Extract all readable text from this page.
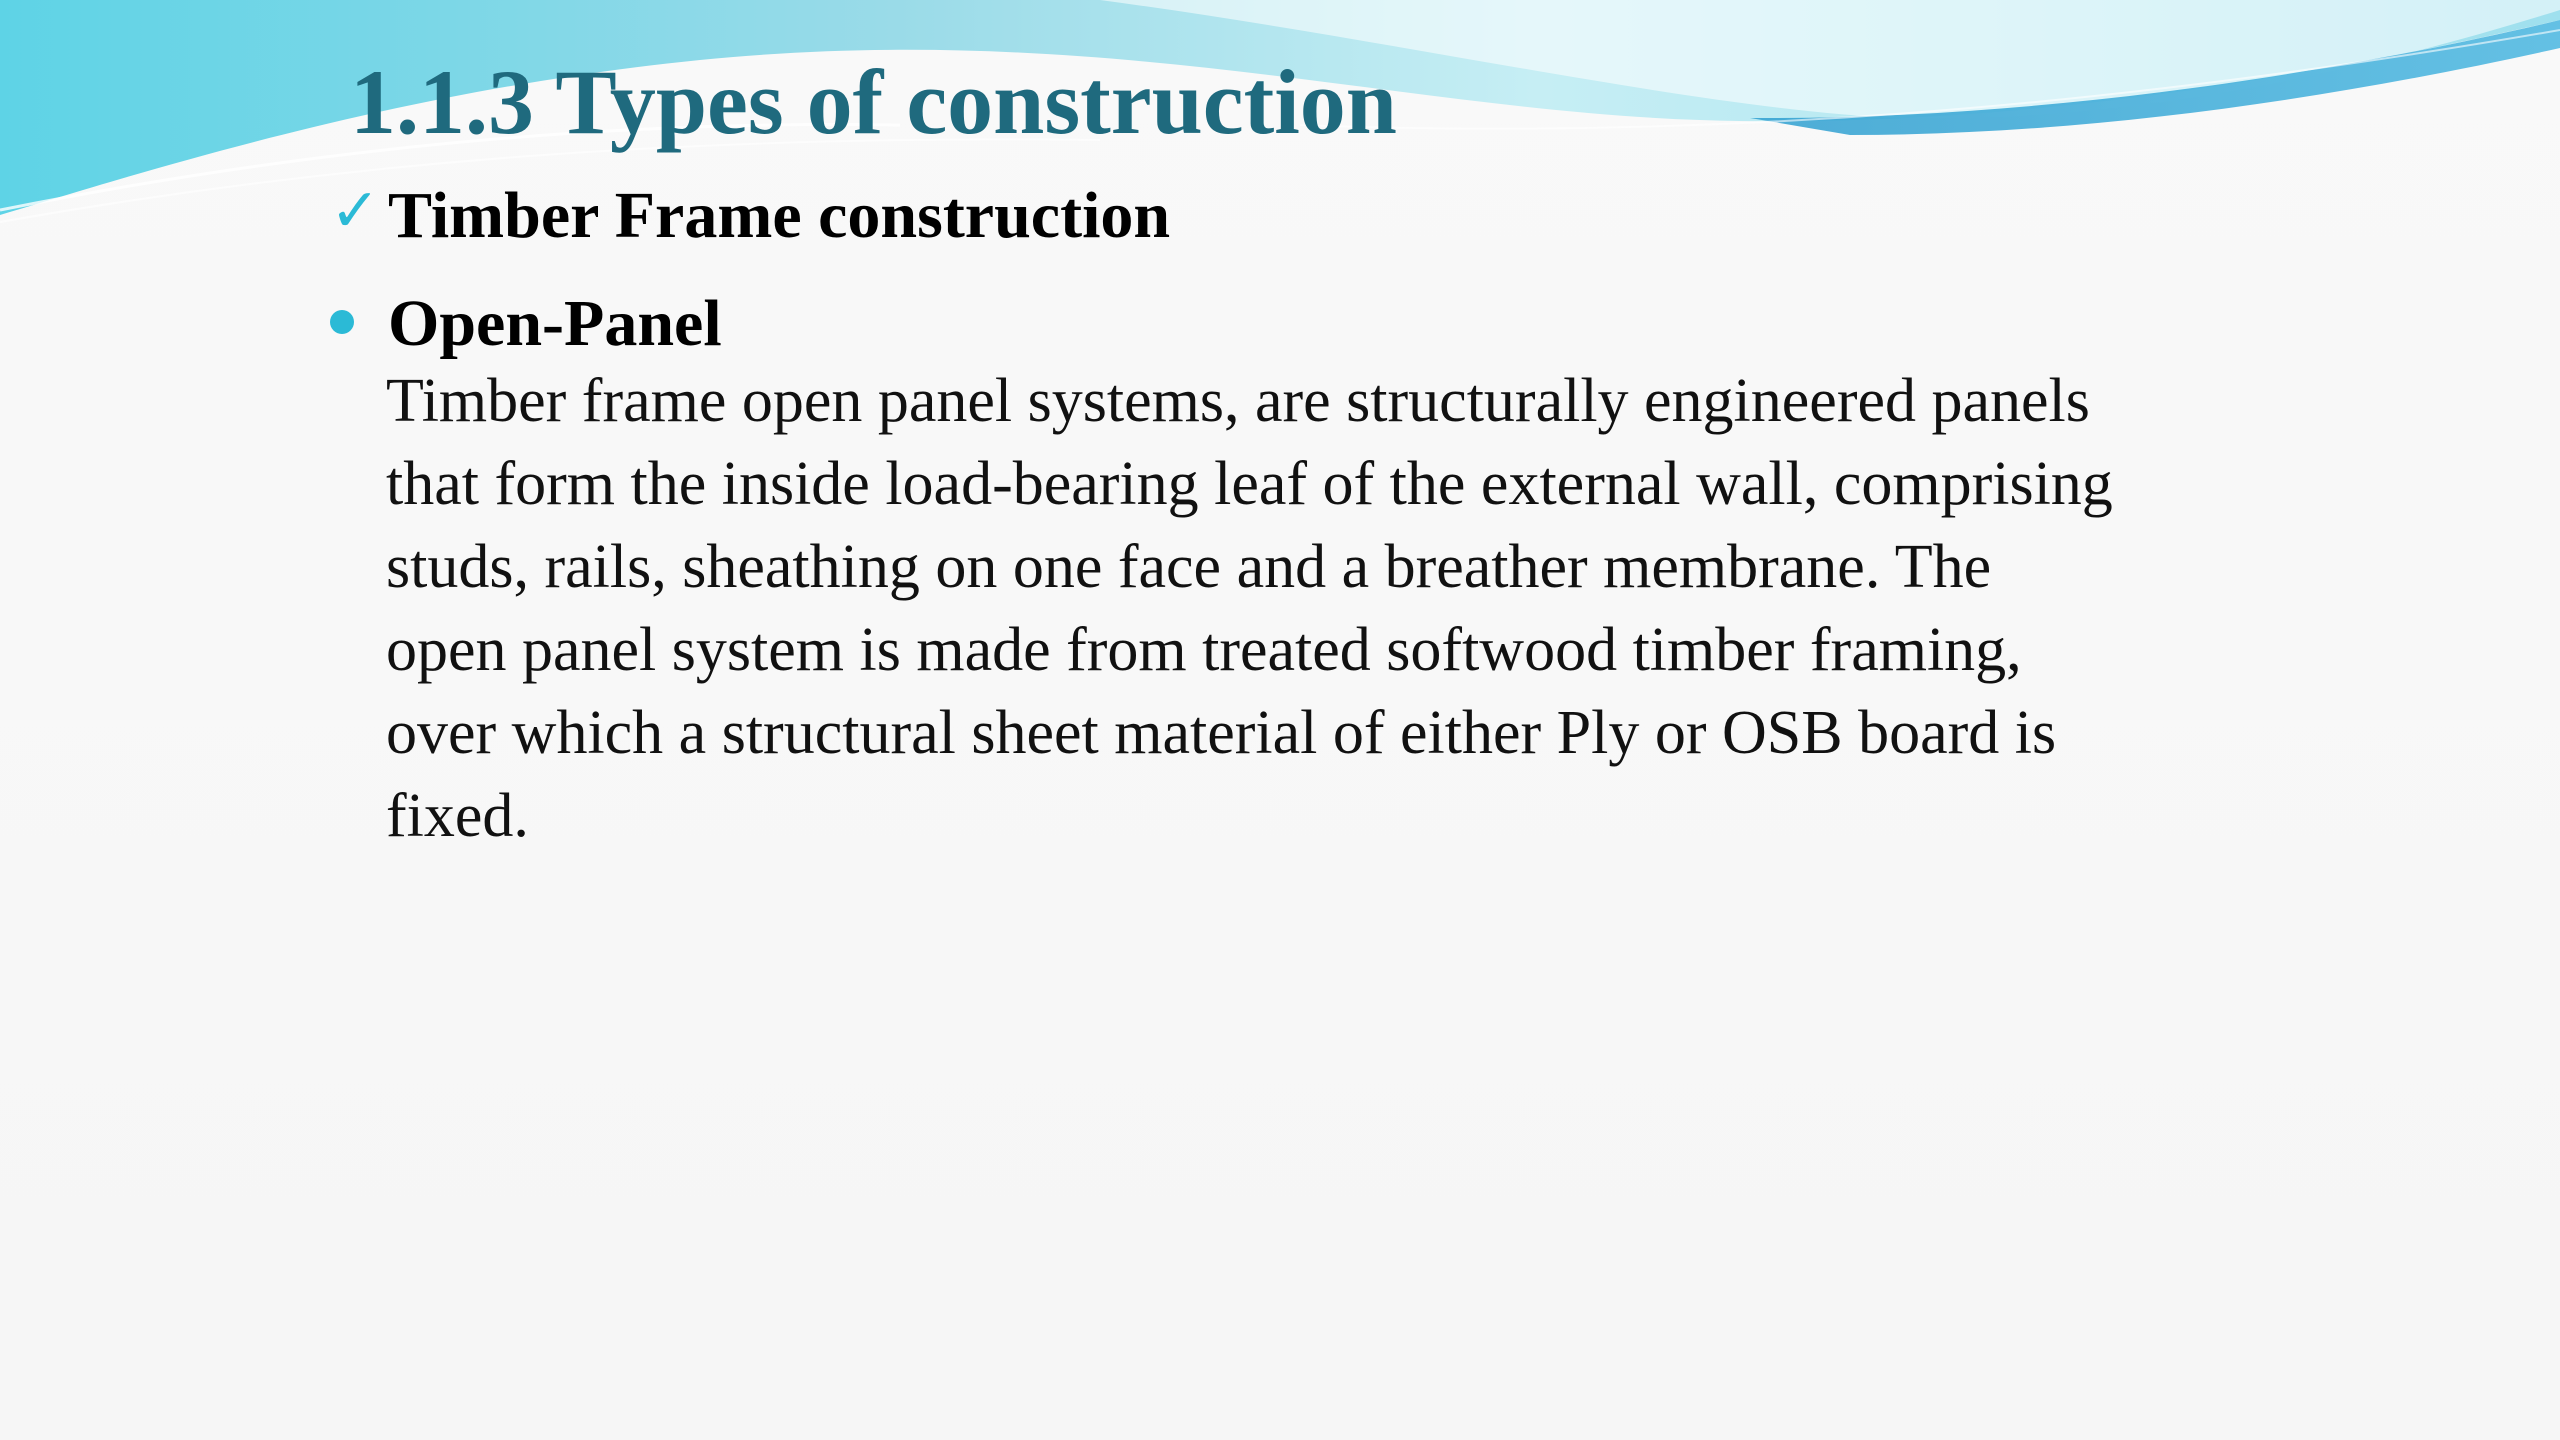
1.1.3 Types of construction
✓ Timber Frame construction
Open-Panel

Timber frame open panel systems, are structurally engineered panels
that form the inside load-bearing leaf of the external wall, comprising
studs, rails, sheathing on one face and a breather membrane. The
open panel system is made from treated softwood timber framing,
over which a structural sheet material of either Ply or OSB board is
fixed.
